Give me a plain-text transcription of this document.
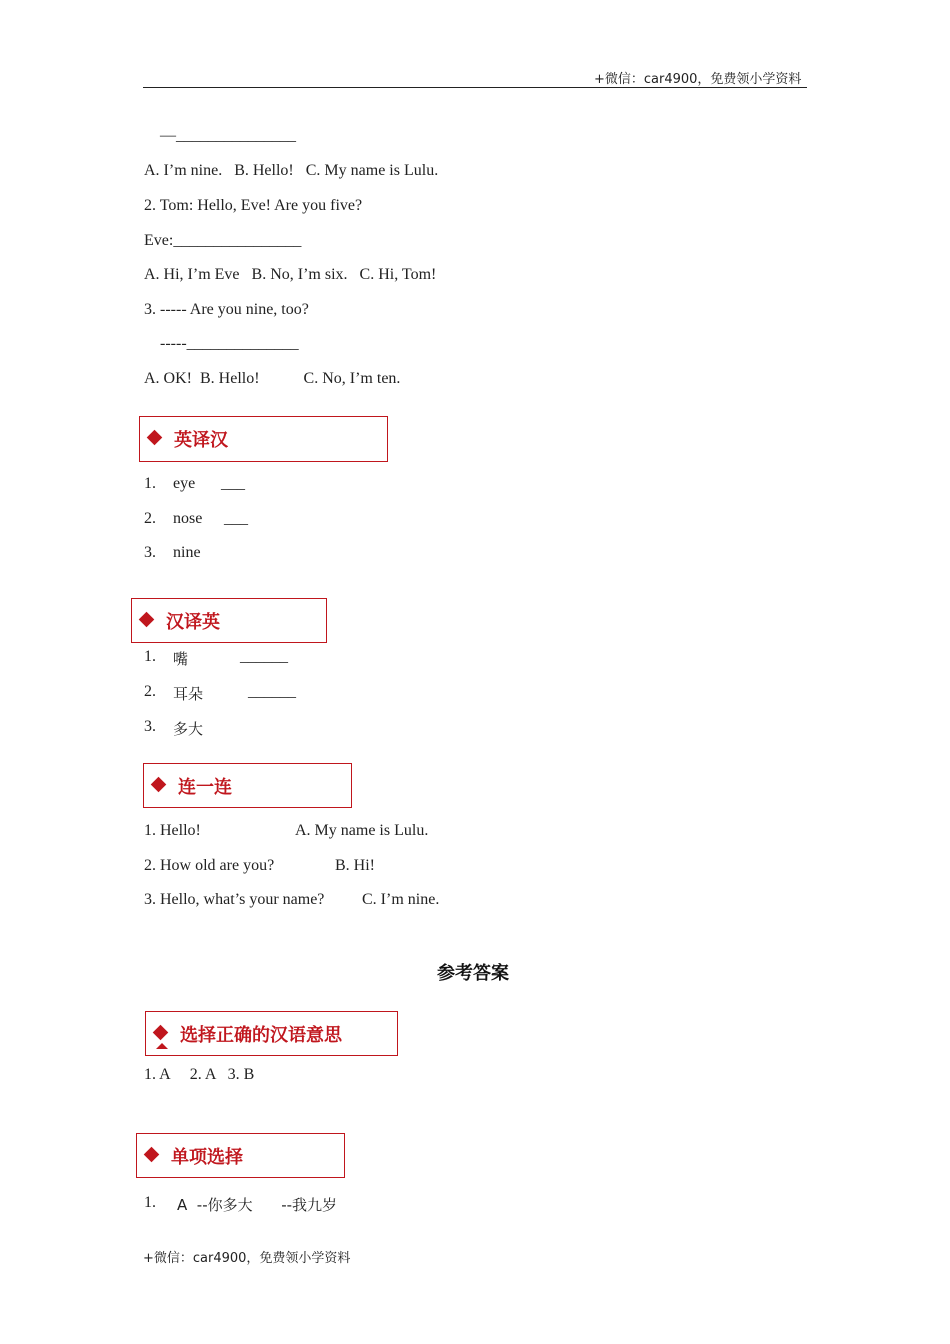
+微信：car4900，免费领小学资料
—_______________
A. I’m nine.   B. Hello!   C. My name is Lulu.
2. Tom: Hello, Eve! Are you five?
Eve:________________
A. Hi, I’m Eve   B. No, I’m six.   C. Hi, Tom!
3. ----- Are you nine, too?
-----______________
A. OK!  B. Hello!           C. No, I’m ten.
英译汉
1. eye ___
2. nose ___
3. nine
汉译英
1. 嘴	______
2. 耳朵	______
3. 多大
连一连
1. Hello!	A. My name is Lulu.
2. How old are you?	B. Hi!
3. Hello, what’s your name? C. I’m nine.
参考答案
选择正确的汉语意思
1. A     2. A   3. B
单项选择
1. A  --你多大      --我九岁
+微信：car4900，免费领小学资料
